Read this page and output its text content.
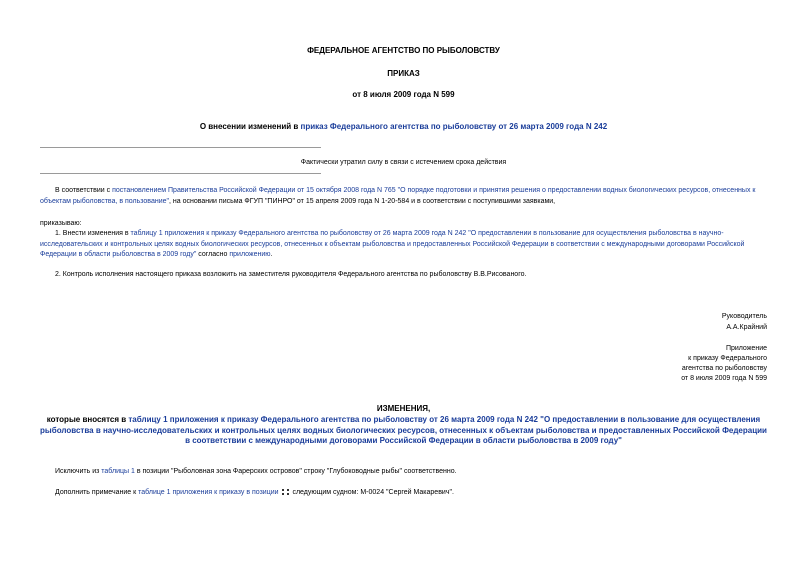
ФЕДЕРАЛЬНОЕ АГЕНТСТВО ПО РЫБОЛОВСТВУ
ПРИКАЗ
от 8 июля 2009 года N 599
О внесении изменений в приказ Федерального агентства по рыболовству от 26 марта 2009 года N 242
Фактически утратил силу в связи с истечением срока действия
В соответствии с постановлением Правительства Российской Федерации от 15 октября 2008 года N 765 "О порядке подготовки и принятия решения о предоставлении водных биологических ресурсов, отнесенных к объектам рыболовства, в пользование", на основании письма ФГУП "ПИНРО" от 15 апреля 2009 года N 1-20-584 и в соответствии с поступившими заявками,
приказываю:
1. Внести изменения в таблицу 1 приложения к приказу Федерального агентства по рыболовству от 26 марта 2009 года N 242 "О предоставлении в пользование для осуществления рыболовства в научно-исследовательских и контрольных целях водных биологических ресурсов, отнесенных к объектам рыболовства и предоставленных Российской Федерации в соответствии с международными договорами Российской Федерации в области рыболовства в 2009 году" согласно приложению.
2. Контроль исполнения настоящего приказа возложить на заместителя руководителя Федерального агентства по рыболовству В.В.Рисованого.
Руководитель
А.А.Крайний
Приложение
к приказу Федерального
агентства по рыболовству
от 8 июля 2009 года N 599
ИЗМЕНЕНИЯ,
которые вносятся в таблицу 1 приложения к приказу Федерального агентства по рыболовству от 26 марта 2009 года N 242 "О предоставлении в пользование для осуществления рыболовства в научно-исследовательских и контрольных целях водных биологических ресурсов, отнесенных к объектам рыболовства и предоставленных Российской Федерации в соответствии с международными договорами Российской Федерации в области рыболовства в 2009 году"
Исключить из таблицы 1 в позиции "Рыболовная зона Фарерских островов" строку "Глубоководные рыбы" соответственно.
Дополнить примечание к таблице 1 приложения к приказу в позиции
следующим судном: М-0024 "Сергей Макаревич".
